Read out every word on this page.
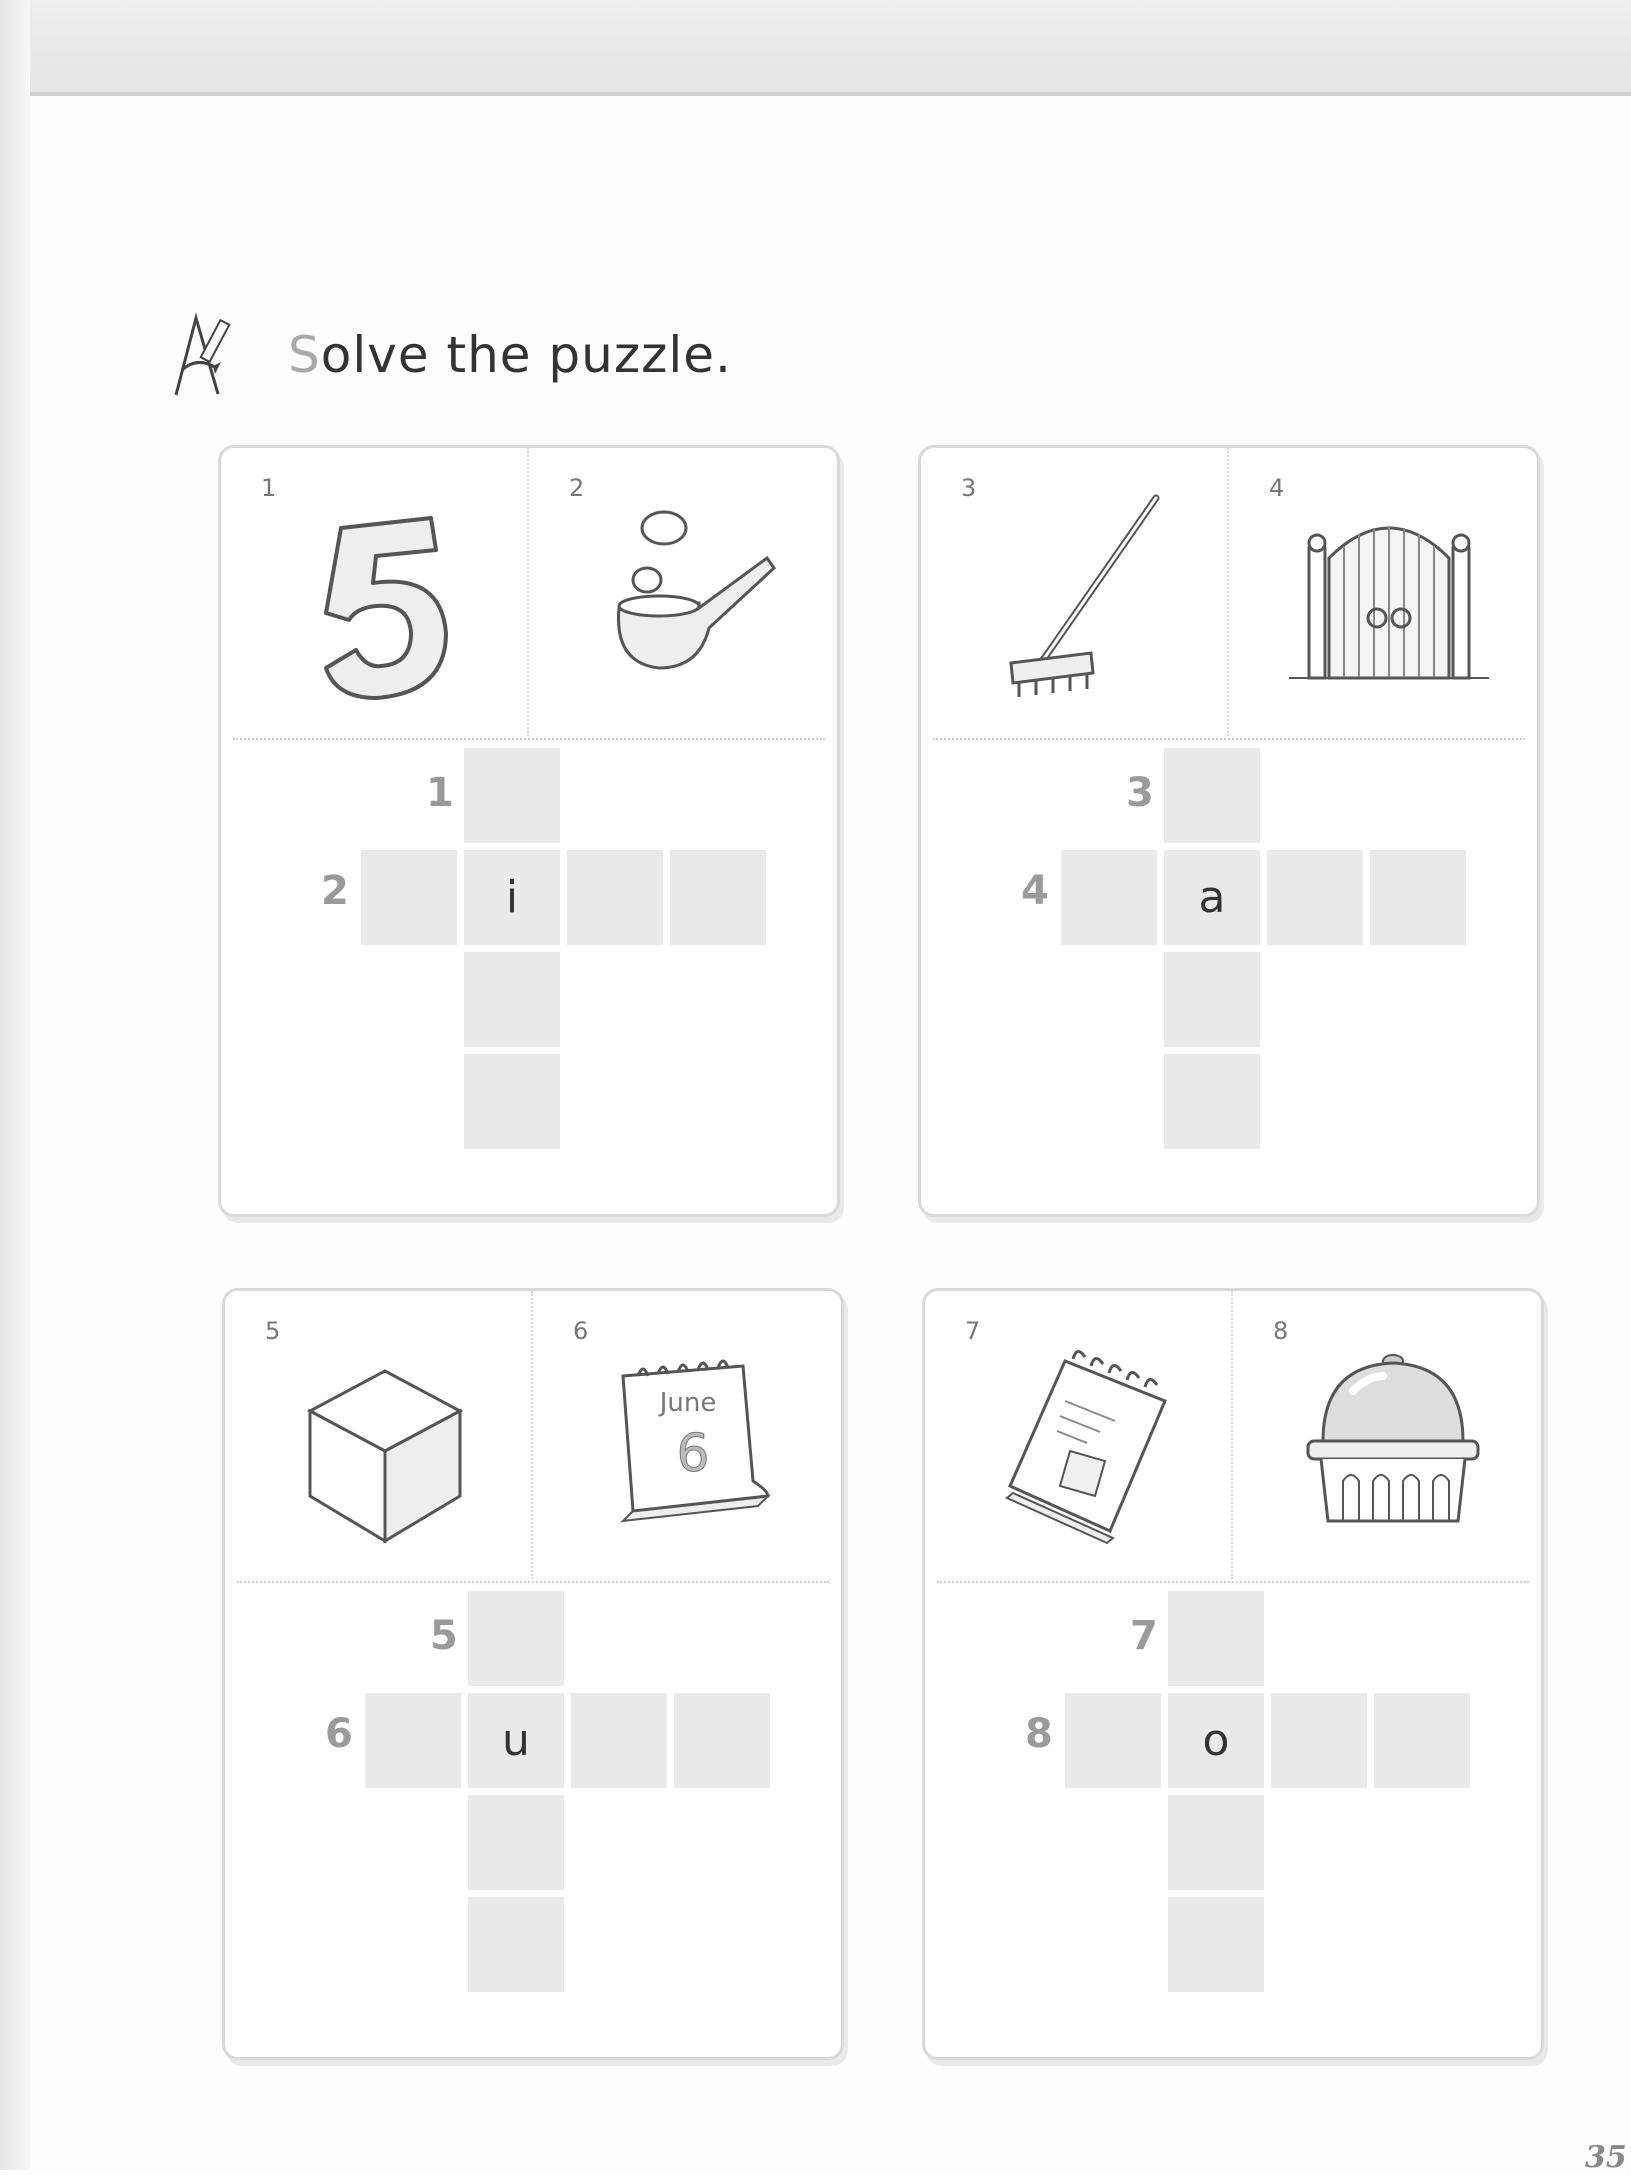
Solve the puzzle.
1	2
1
2	i
3	4
3
4	a
5	6
June
6
5
6	u
7	8
7
8	o
35
